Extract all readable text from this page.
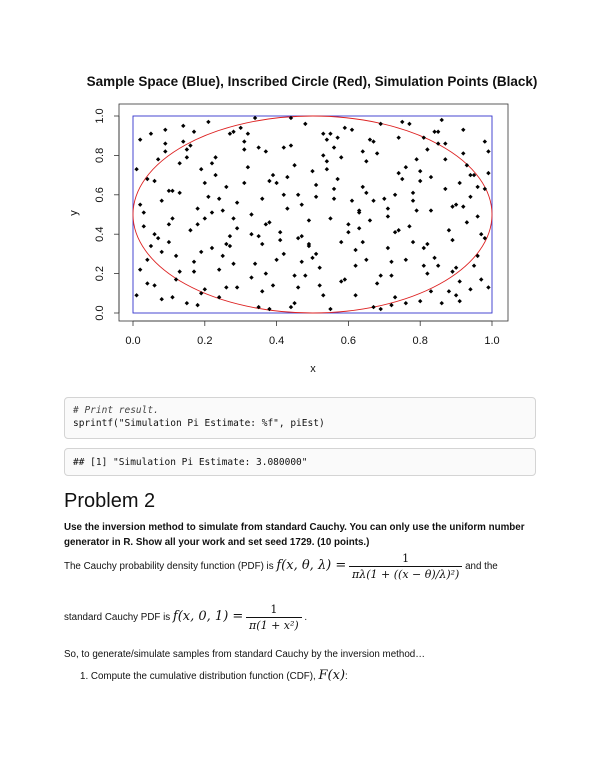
Sample Space (Blue), Inscribed Circle (Red), Simulation Points (Black)
0.0	0.2	0.4	0.6	0.8	1.0
0.0
0.2
0.4
0.6
0.8
1.0
x
y
# Print result.
sprintf("Simulation Pi Estimate: %f", piEst)
## [1] "Simulation Pi Estimate: 3.080000"
Problem 2
Use the inversion method to simulate from standard Cauchy. You can only use the uniform number generator in R. Show all your work and set seed 1729. (10 points.)
The Cauchy probability density function (PDF) is f(x, θ, $\lambda) = \frac{1}{\text{πλ(1 + ((x − θ)/λ)²)}}$ and the
standard Cauchy PDF is f(x, 0, $1) = \frac{1}{\text{π(1 + x²)}}$ .
So, to generate/simulate samples from standard Cauchy by the inversion method…
1. Compute the cumulative distribution function (CDF), F(x):
